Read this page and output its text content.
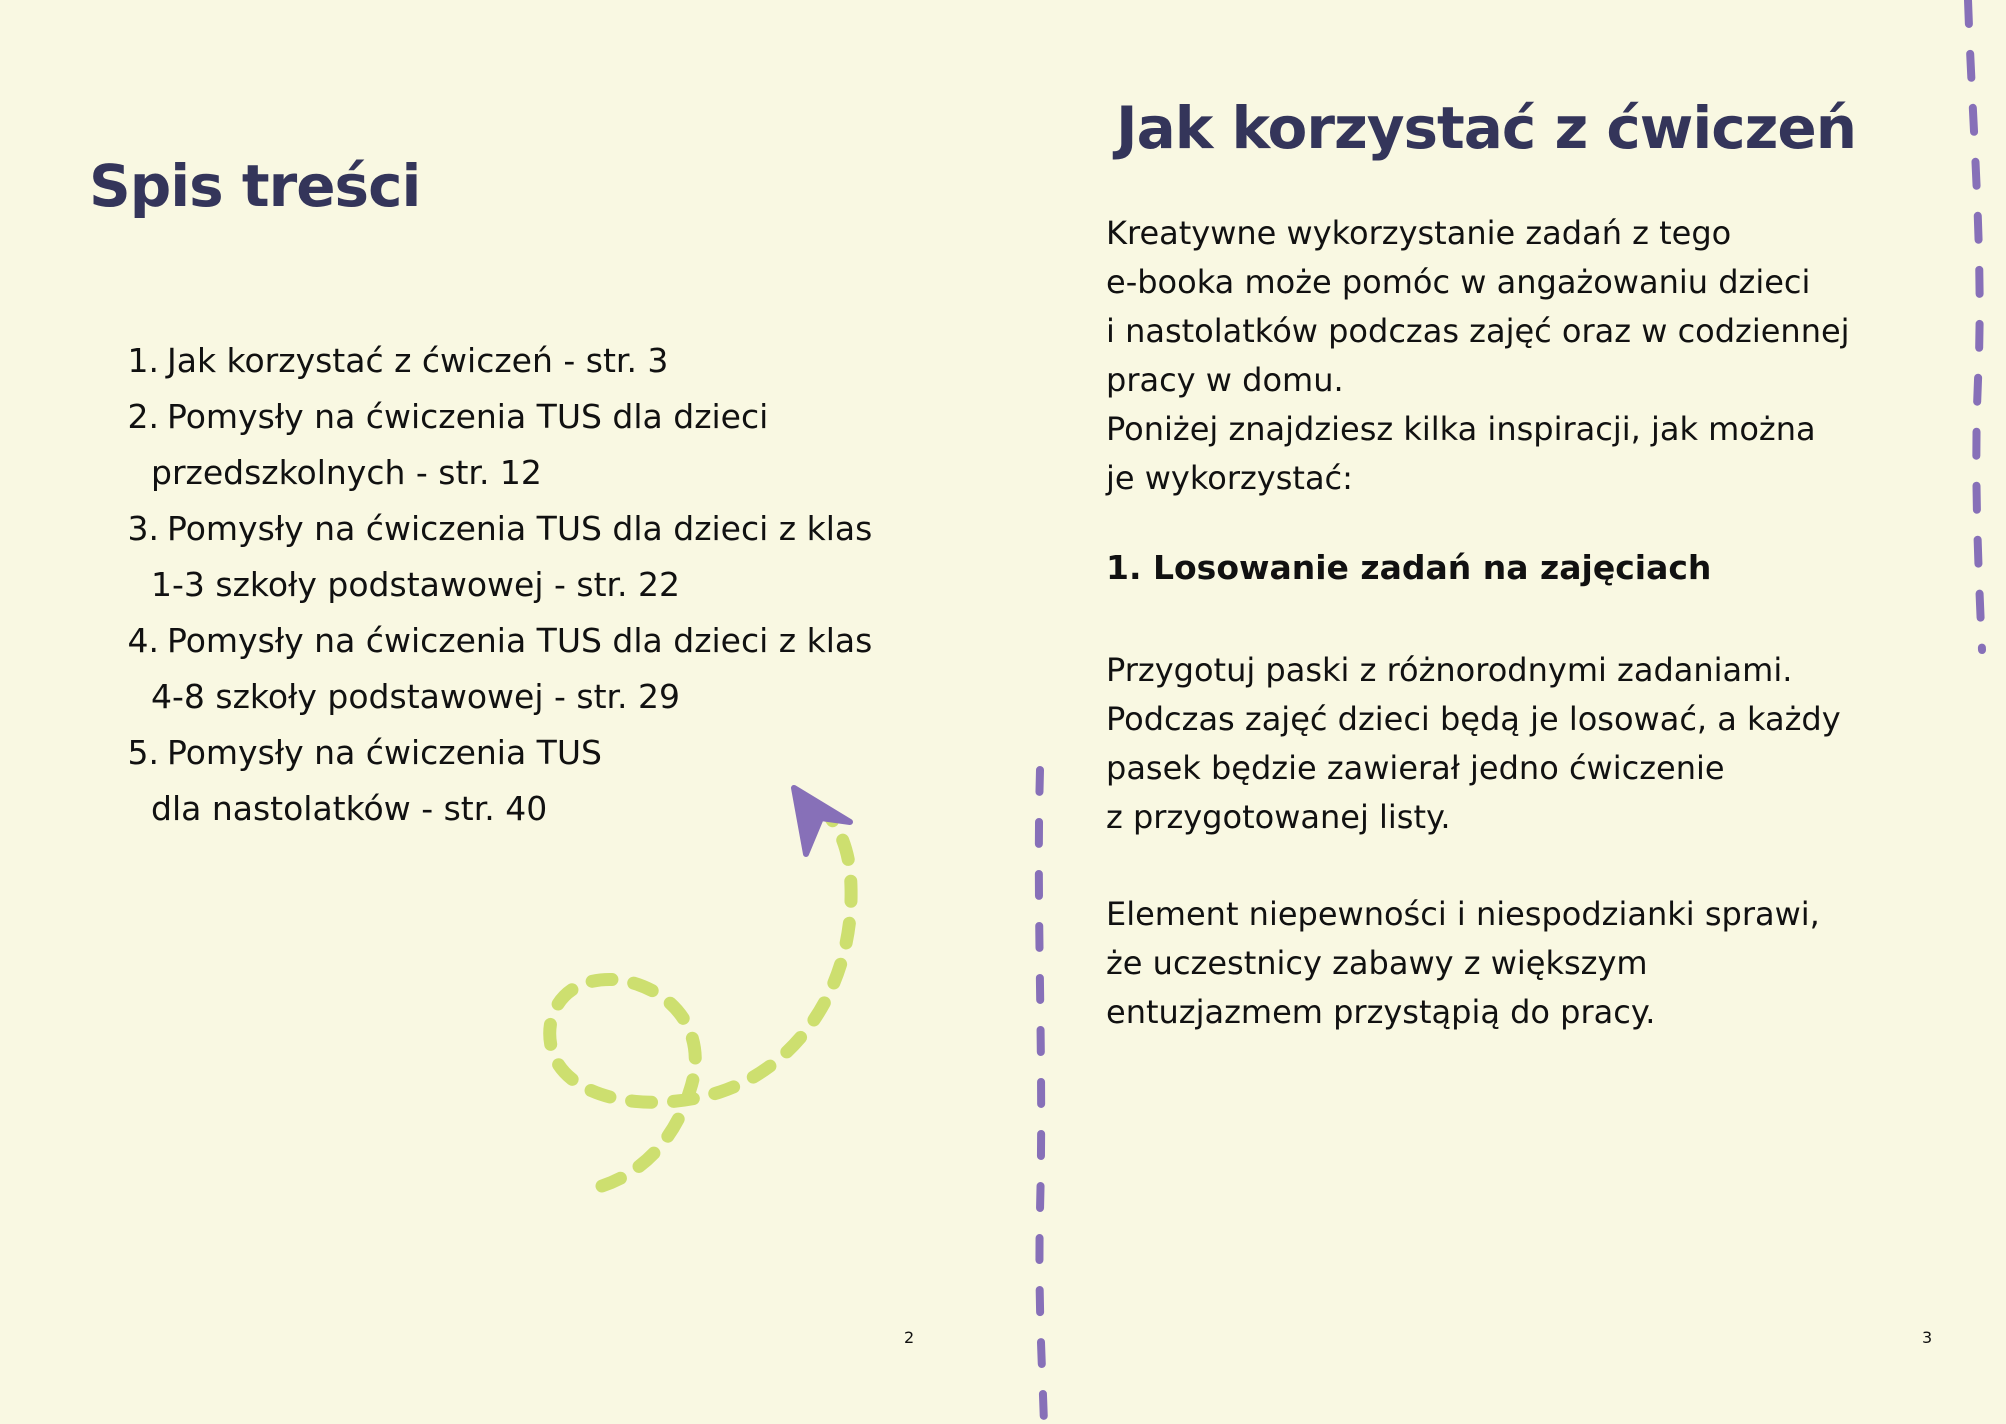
Spis treści
1. Jak korzystać z ćwiczeń - str. 3
2. Pomysły na ćwiczenia TUS dla dzieci
przedszkolnych - str. 12
3. Pomysły na ćwiczenia TUS dla dzieci z klas
1-3 szkoły podstawowej - str. 22
4. Pomysły na ćwiczenia TUS dla dzieci z klas
4-8 szkoły podstawowej - str. 29
5. Pomysły na ćwiczenia TUS
dla nastolatków - str. 40
2
Jak korzystać z ćwiczeń

Kreatywne wykorzystanie zadań z tego
e-booka może pomóc w angażowaniu dzieci
i nastolatków podczas zajęć oraz w codziennej
pracy w domu.
Poniżej znajdziesz kilka inspiracji, jak można
je wykorzystać:

1. Losowanie zadań na zajęciach

Przygotuj paski z różnorodnymi zadaniami.
Podczas zajęć dzieci będą je losować, a każdy
pasek będzie zawierał jedno ćwiczenie
z przygotowanej listy.

Element niepewności i niespodzianki sprawi,
że uczestnicy zabawy z większym
entuzjazmem przystąpią do pracy.

3
